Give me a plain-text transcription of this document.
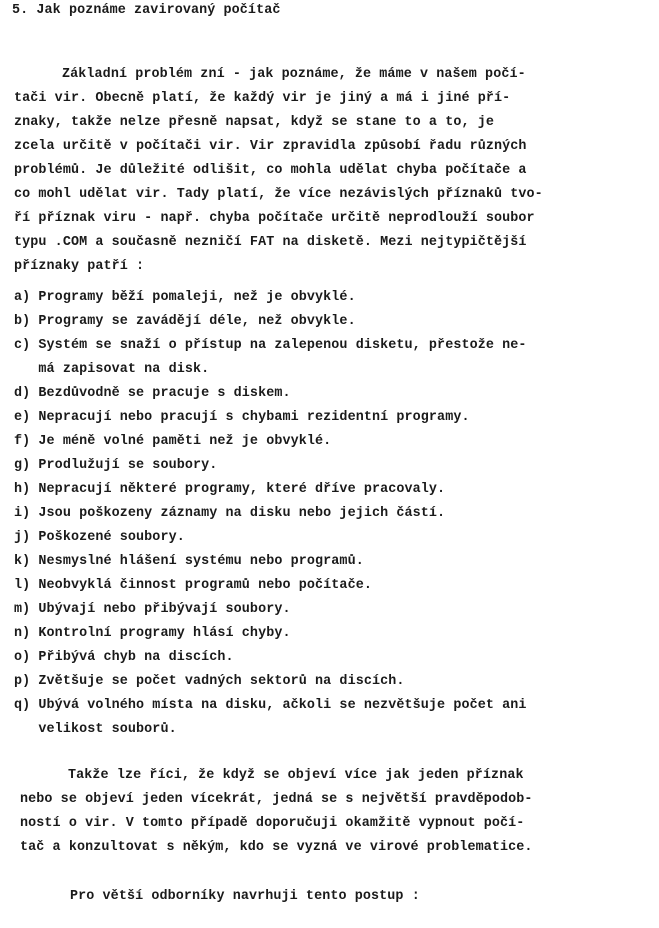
5. Jak poznáme zavirovaný počítač
Základní problém zní - jak poznáme, že máme v našem počí-
tači vir. Obecně platí, že každý vir je jiný a má i jiné pří-
znaky, takže nelze přesně napsat, když se stane to a to, je
zcela určitě v počítači vir. Vir zpravidla způsobí řadu různých
problémů. Je důležité odlišit, co mohla udělat chyba počítače a
co mohl udělat vir. Tady platí, že více nezávislých příznaků tvo-
ří příznak viru - např. chyba počítače určitě neprodlouží soubor
typu .COM a současně nezničí FAT na disketě. Mezi nejtypičtější
příznaky patří :
a) Programy běží pomaleji, než je obvyklé.
b) Programy se zavádějí déle, než obvykle.
c) Systém se snaží o přístup na zalepenou disketu, přestože ne-
má zapisovat na disk.
d) Bezdůvodně se pracuje s diskem.
e) Nepracují nebo pracují s chybami rezidentní programy.
f) Je méně volné paměti než je obvyklé.
g) Prodlužují se soubory.
h) Nepracují některé programy, které dříve pracovaly.
i) Jsou poškozeny záznamy na disku nebo jejich částí.
j) Poškozené soubory.
k) Nesmyslné hlášení systému nebo programů.
l) Neobvyklá činnost programů nebo počítače.
m) Ubývají nebo přibývají soubory.
n) Kontrolní programy hlásí chyby.
o) Přibývá chyb na discích.
p) Zvětšuje se počet vadných sektorů na discích.
q) Ubývá volného místa na disku, ačkoli se nezvětšuje počet ani
velikost souborů.
Takže lze říci, že když se objeví více jak jeden příznak
nebo se objeví jeden vícekrát, jedná se s největší pravděpodob-
ností o vir. V tomto případě doporučuji okamžitě vypnout počí-
tač a konzultovat s někým, kdo se vyzná ve virové problematice.
Pro větší odborníky navrhuji tento postup :
